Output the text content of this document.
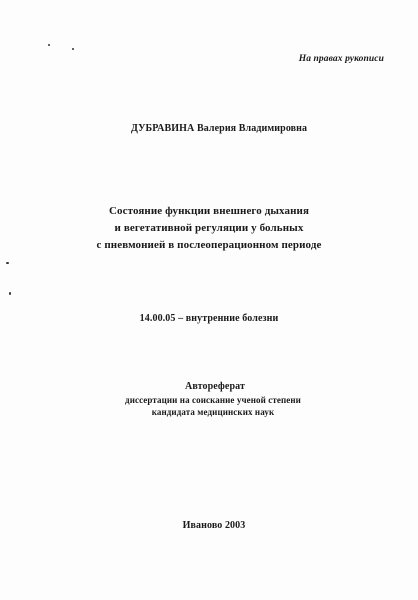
На правах рукописи
ДУБРАВИНА Валерия Владимировна
Состояние функции внешнего дыхания
и вегетативной регуляции у больных
с пневмонией в послеоперационном периоде
14.00.05 – внутренние болезни
Автореферат
диссертации на соискание ученой степени
кандидата медицинских наук
Иваново 2003
